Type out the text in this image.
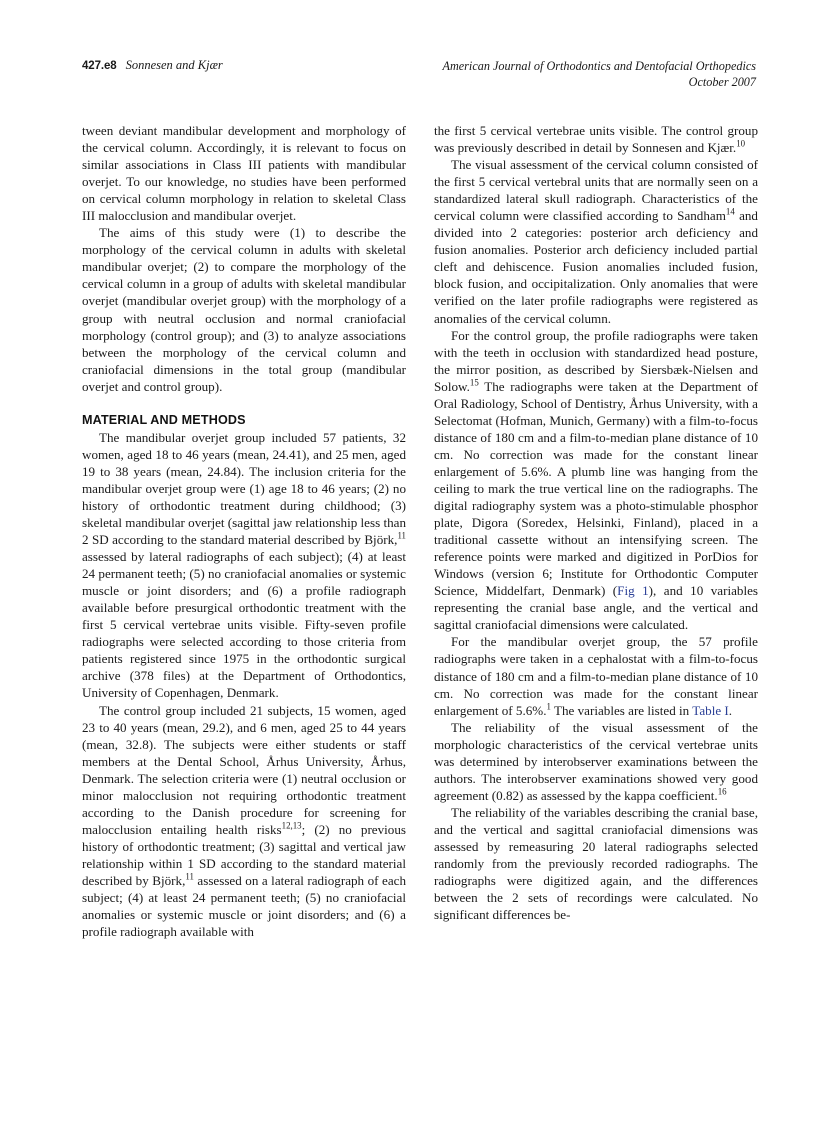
427.e8 Sonnesen and Kjær	American Journal of Orthodontics and Dentofacial Orthopedics
October 2007

tween deviant mandibular development and morphology of the cervical column. Accordingly, it is relevant to focus on similar associations in Class III patients with mandibular overjet. To our knowledge, no studies have been performed on cervical column morphology in relation to skeletal Class III malocclusion and mandibular overjet.

The aims of this study were (1) to describe the morphology of the cervical column in adults with skeletal mandibular overjet; (2) to compare the morphology of the cervical column in a group of adults with skeletal mandibular overjet (mandibular overjet group) with the morphology of a group with neutral occlusion and normal craniofacial morphology (control group); and (3) to analyze associations between the morphology of the cervical column and craniofacial dimensions in the total group (mandibular overjet and control group).

MATERIAL AND METHODS

The mandibular overjet group included 57 patients, 32 women, aged 18 to 46 years (mean, 24.41), and 25 men, aged 19 to 38 years (mean, 24.84). The inclusion criteria for the mandibular overjet group were (1) age 18 to 46 years; (2) no history of orthodontic treatment during childhood; (3) skeletal mandibular overjet (sagittal jaw relationship less than 2 SD according to the standard material described by Björk,$^{11}$ assessed by lateral radiographs of each subject); (4) at least 24 permanent teeth; (5) no craniofacial anomalies or systemic muscle or joint disorders; and (6) a profile radiograph available before presurgical orthodontic treatment with the first 5 cervical vertebrae units visible. Fifty-seven profile radiographs were selected according to those criteria from patients registered since 1975 in the orthodontic surgical archive (378 files) at the Department of Orthodontics, University of Copenhagen, Denmark.

The control group included 21 subjects, 15 women, aged 23 to 40 years (mean, 29.2), and 6 men, aged 25 to 44 years (mean, 32.8). The subjects were either students or staff members at the Dental School, Århus University, Århus, Denmark. The selection criteria were (1) neutral occlusion or minor malocclusion not requiring orthodontic treatment according to the Danish procedure for screening for malocclusion entailing health risks$^{12,13}$; (2) no previous history of orthodontic treatment; (3) sagittal and vertical jaw relationship within 1 SD according to the standard material described by Björk,$^{11}$ assessed on a lateral radiograph of each subject; (4) at least 24 permanent teeth; (5) no craniofacial anomalies or systemic muscle or joint disorders; and (6) a profile radiograph available with

the first 5 cervical vertebrae units visible. The control group was previously described in detail by Sonnesen and Kjær.$^{10}$

The visual assessment of the cervical column consisted of the first 5 cervical vertebral units that are normally seen on a standardized lateral skull radiograph. Characteristics of the cervical column were classified according to Sandham$^{14}$ and divided into 2 categories: posterior arch deficiency and fusion anomalies. Posterior arch deficiency included partial cleft and dehiscence. Fusion anomalies included fusion, block fusion, and occipitalization. Only anomalies that were verified on the later profile radiographs were registered as anomalies of the cervical column.

For the control group, the profile radiographs were taken with the teeth in occlusion with standardized head posture, the mirror position, as described by Siersbæk-Nielsen and Solow.$^{15}$ The radiographs were taken at the Department of Oral Radiology, School of Dentistry, Århus University, with a Selectomat (Hofman, Munich, Germany) with a film-to-focus distance of 180 cm and a film-to-median plane distance of 10 cm. No correction was made for the constant linear enlargement of 5.6%. A plumb line was hanging from the ceiling to mark the true vertical line on the radiographs. The digital radiography system was a photo-stimulable phosphor plate, Digora (Soredex, Helsinki, Finland), placed in a traditional cassette without an intensifying screen. The reference points were marked and digitized in PorDios for Windows (version 6; Institute for Orthodontic Computer Science, Middelfart, Denmark) (Fig 1), and 10 variables representing the cranial base angle, and the vertical and sagittal craniofacial dimensions were calculated.

For the mandibular overjet group, the 57 profile radiographs were taken in a cephalostat with a film-to-focus distance of 180 cm and a film-to-median plane distance of 10 cm. No correction was made for the constant linear enlargement of 5.6%.$^1$ The variables are listed in Table I.

The reliability of the visual assessment of the morphologic characteristics of the cervical vertebrae units was determined by interobserver examinations between the authors. The interobserver examinations showed very good agreement (0.82) as assessed by the kappa coefficient.$^{16}$

The reliability of the variables describing the cranial base, and the vertical and sagittal craniofacial dimensions was assessed by remeasuring 20 lateral radiographs selected randomly from the previously recorded radiographs. The radiographs were digitized again, and the differences between the 2 sets of recordings were calculated. No significant differences be-
